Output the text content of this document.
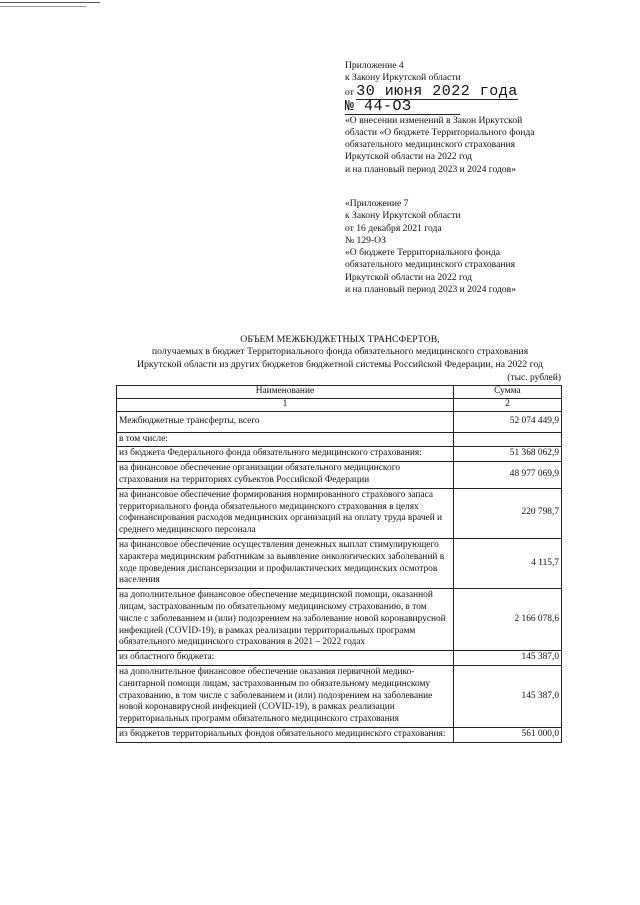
Приложение 4
к Закону Иркутской области
от 30 июня 2022 года
№ 44-ОЗ
«О внесении изменений в Закон Иркутской
области «О бюджете Территориального фонда
обязательного медицинского страхования
Иркутской области на 2022 год
и на плановый период 2023 и 2024 годов»
«Приложение 7
к Закону Иркутской области
от 16 декабря 2021 года
№ 129-ОЗ
«О бюджете Территориального фонда
обязательного медицинского страхования
Иркутской области на 2022 год
и на плановый период 2023 и 2024 годов»
ОБЪЕМ МЕЖБЮДЖЕТНЫХ ТРАНСФЕРТОВ,
получаемых в бюджет Территориального фонда обязательного медицинского страхования
Иркутской области из других бюджетов бюджетной системы Российской Федерации, на 2022 год
(тыс. рублей)
Наименование	Сумма
1	2
Межбюджетные трансферты, всего	52 074 449,9
в том числе:	
из бюджета Федерального фонда обязательного медицинского страхования:	51 368 062,9
на финансовое обеспечение организации обязательного медицинского страхования на территориях субъектов Российской Федерации	48 977 069,9
на финансовое обеспечение формирования нормированного страхового запаса территориального фонда обязательного медицинского страхования в целях софинансирования расходов медицинских организаций на оплату труда врачей и среднего медицинского персонала	220 798,7
на финансовое обеспечение осуществления денежных выплат стимулирующего характера медицинским работникам за выявление онкологических заболеваний в ходе проведения диспансеризации и профилактических медицинских осмотров населения	4 115,7
на дополнительное финансовое обеспечение медицинской помощи, оказанной лицам, застрахованным по обязательному медицинскому страхованию, в том числе с заболеванием и (или) подозрением на заболевание новой коронавирусной инфекцией (COVID-19), в рамках реализации территориальных программ обязательного медицинского страхования в 2021 – 2022 годах	2 166 078,6
из областного бюджета:	145 387,0
на дополнительное финансовое обеспечение оказания первичной медико-санитарной помощи лицам, застрахованным по обязательному медицинскому страхованию, в том числе с заболеванием и (или) подозрением на заболевание новой коронавирусной инфекцией (COVID-19), в рамках реализации территориальных программ обязательного медицинского страхования	145 387,0
из бюджетов территориальных фондов обязательного медицинского страхования:	561 000,0
